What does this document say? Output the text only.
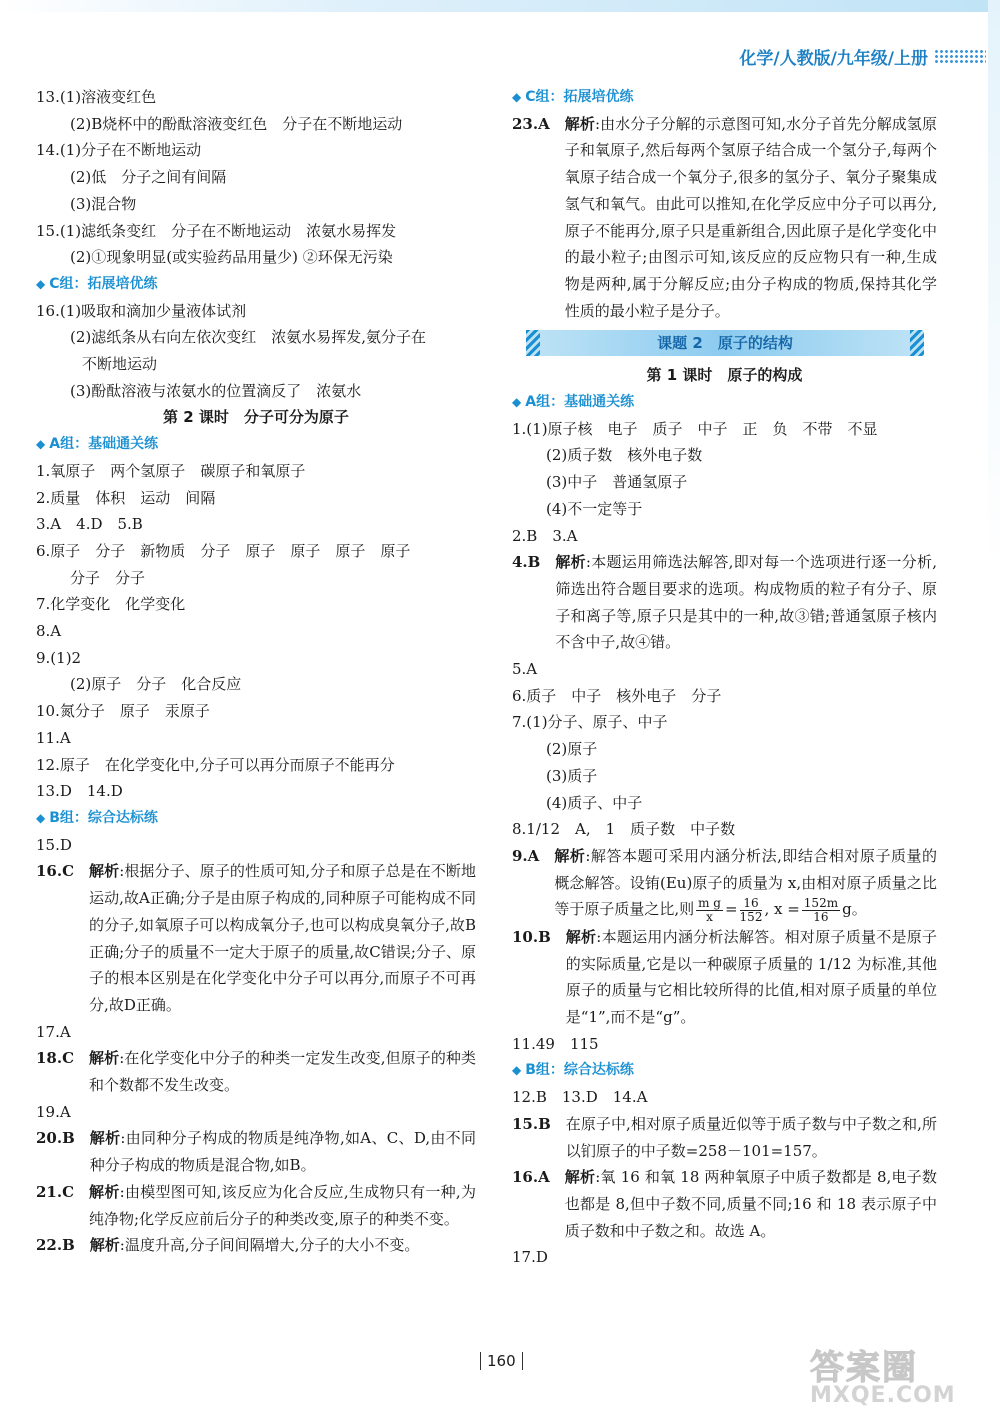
化学/人教版/九年级/上册
13.(1)溶液变红色
(2)B烧杯中的酚酞溶液变红色　分子在不断地运动
14.(1)分子在不断地运动
(2)低　分子之间有间隔
(3)混合物
15.(1)滤纸条变红　分子在不断地运动　浓氨水易挥发
(2)①现象明显(或实验药品用量少) ②环保无污染
◆ C组：拓展培优练
16.(1)吸取和滴加少量液体试剂
(2)滤纸条从右向左依次变红　浓氨水易挥发,氨分子在
不断地运动
(3)酚酞溶液与浓氨水的位置滴反了　浓氨水
第 2 课时　分子可分为原子
◆ A组：基础通关练
1.氧原子　两个氢原子　碳原子和氧原子
2.质量　体积　运动　间隔
3.A　4.D　5.B
6.原子　分子　新物质　分子　原子　原子　原子　原子
分子　分子
7.化学变化　化学变化
8.A
9.(1)2
(2)原子　分子　化合反应
10.氮分子　原子　汞原子
11.A
12.原子　在化学变化中,分子可以再分而原子不能再分
13.D　14.D
◆ B组：综合达标练
15.D
16.C　 解析:根据分子、原子的性质可知,分子和原子总是在不断地运动,故A正确;分子是由原子构成的,同种原子可能构成不同的分子,如氧原子可以构成氧分子,也可以构成臭氧分子,故B正确;分子的质量不一定大于原子的质量,故C错误;分子、原子的根本区别是在化学变化中分子可以再分,而原子不可再分,故D正确。
17.A
18.C　 解析:在化学变化中分子的种类一定发生改变,但原子的种类和个数都不发生改变。
19.A
20.B　 解析:由同种分子构成的物质是纯净物,如A、C、D,由不同种分子构成的物质是混合物,如B。
21.C　 解析:由模型图可知,该反应为化合反应,生成物只有一种,为纯净物;化学反应前后分子的种类改变,原子的种类不变。
22.B　 解析:温度升高,分子间间隔增大,分子的大小不变。
◆ C组：拓展培优练
23.A　 解析:由水分子分解的示意图可知,水分子首先分解成氢原子和氧原子,然后每两个氢原子结合成一个氢分子,每两个氧原子结合成一个氧分子,很多的氢分子、氧分子聚集成氢气和氧气。由此可以推知,在化学反应中分子可以再分,原子不能再分,原子只是重新组合,因此原子是化学变化中的最小粒子;由图示可知,该反应的反应物只有一种,生成物是两种,属于分解反应;由分子构成的物质,保持其化学性质的最小粒子是分子。
课题 2　原子的结构
第 1 课时　原子的构成
◆ A组：基础通关练
1.(1)原子核　电子　质子　中子　正　负　不带　不显
(2)质子数　核外电子数
(3)中子　普通氢原子
(4)不一定等于
2.B　3.A
4.B　 解析:本题运用筛选法解答,即对每一个选项进行逐一分析,筛选出符合题目要求的选项。构成物质的粒子有分子、原子和离子等,原子只是其中的一种,故③错;普通氢原子核内不含中子,故④错。
5.A
6.质子　中子　核外电子　分子
7.(1)分子、原子、中子
(2)原子
(3)质子
(4)质子、中子
8.1/12　A,　1　质子数　中子数
9.A　 解析:解答本题可采用内涵分析法,即结合相对原子质量的概念解答。设铕(Eu)原子的质量为 x,由相对原子质量之比等于原子质量之比,则 $\frac{\text{m g}}{x} = \frac{16}{152}$ , $x = \frac{152m}{16}$ g。
10.B　 解析:本题运用内涵分析法解答。相对原子质量不是原子的实际质量,它是以一种碳原子质量的 1/12 为标准,其他原子的质量与它相比较所得的比值,相对原子质量的单位是“1”,而不是“g”。
11.49　115
◆ B组：综合达标练
12.B　13.D　14.A
15.B　 在原子中,相对原子质量近似等于质子数与中子数之和,所以钔原子的中子数=258－101=157。
16.A　 解析:氧 16 和氧 18 两种氧原子中质子数都是 8,电子数也都是 8,但中子数不同,质量不同;16 和 18 表示原子中质子数和中子数之和。故选 A。
17.D
160	答案圈
MXQE.COM
